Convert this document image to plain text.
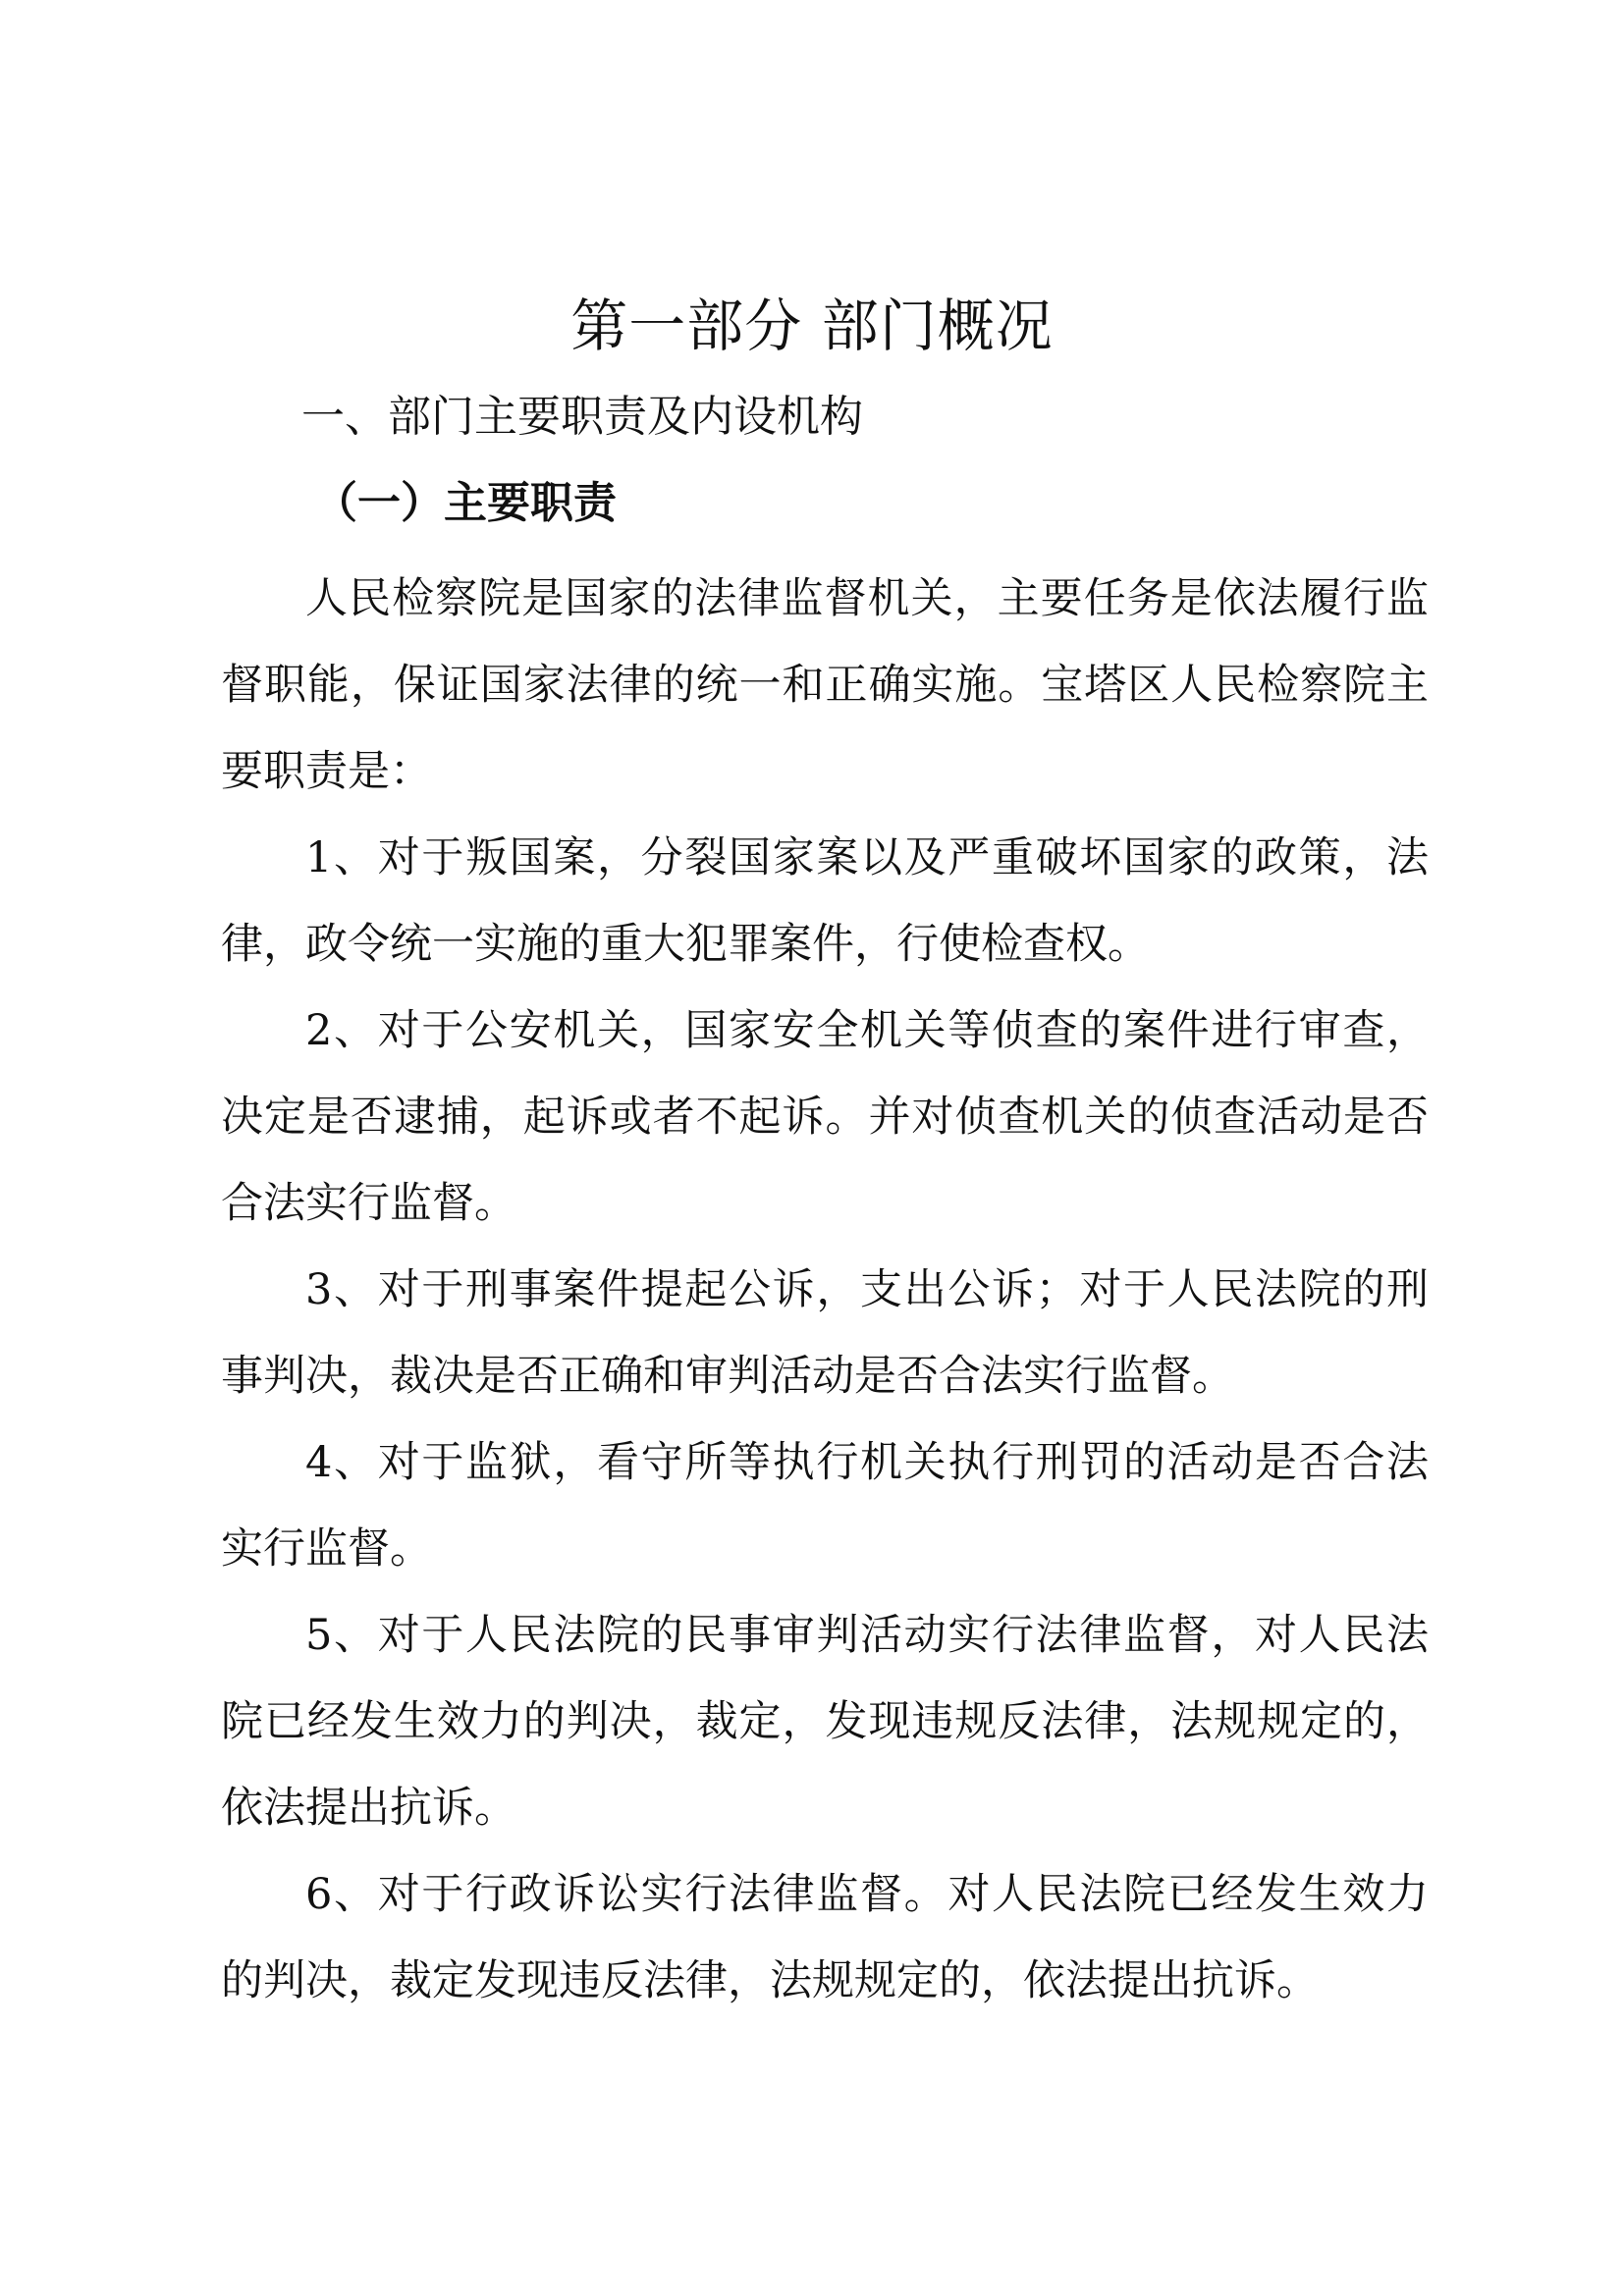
第一部分 部门概况
一、部门主要职责及内设机构
（一）主要职责

人民检察院是国家的法律监督机关，主要任务是依法履行监督职能，保证国家法律的统一和正确实施。宝塔区人民检察院主要职责是：

1、对于叛国案，分裂国家案以及严重破坏国家的政策，法律，政令统一实施的重大犯罪案件，行使检查权。

2、对于公安机关，国家安全机关等侦查的案件进行审查，决定是否逮捕，起诉或者不起诉。并对侦查机关的侦查活动是否合法实行监督。

3、对于刑事案件提起公诉，支出公诉；对于人民法院的刑事判决，裁决是否正确和审判活动是否合法实行监督。

4、对于监狱，看守所等执行机关执行刑罚的活动是否合法实行监督。

5、对于人民法院的民事审判活动实行法律监督，对人民法院已经发生效力的判决，裁定，发现违规反法律，法规规定的，依法提出抗诉。

6、对于行政诉讼实行法律监督。对人民法院已经发生效力的判决，裁定发现违反法律，法规规定的，依法提出抗诉。
